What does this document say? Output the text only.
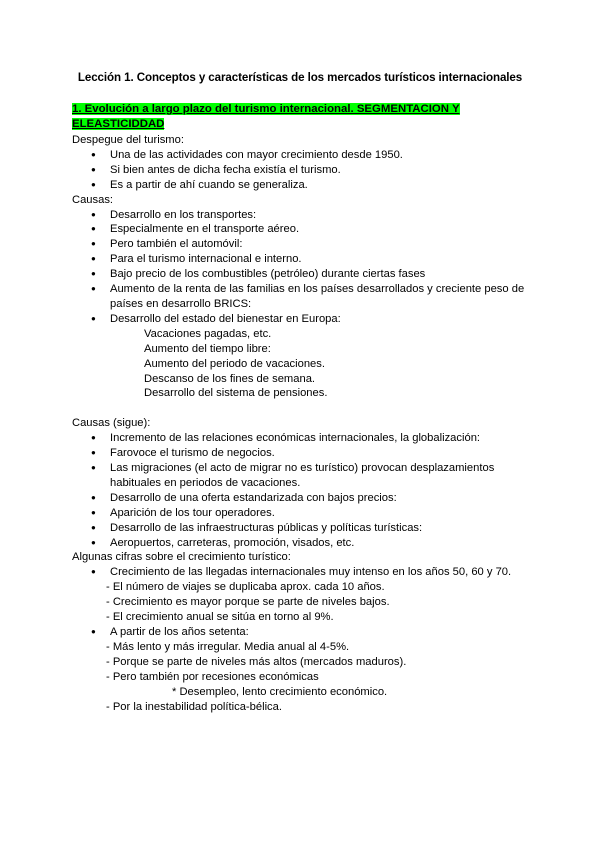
Lección 1. Conceptos y características de los mercados turísticos internacionales
1. Evolución a largo plazo del turismo internacional. SEGMENTACION Y ELEASTICIDDAD
Despegue del turismo:
● Una de las actividades con mayor crecimiento desde 1950.
● Si bien antes de dicha fecha existía el turismo.
● Es a partir de ahí cuando se generaliza.
Causas:
● Desarrollo en los transportes:
● Especialmente en el transporte aéreo.
● Pero también el automóvil:
● Para el turismo internacional e interno.
● Bajo precio de los combustibles (petróleo) durante ciertas fases
● Aumento de la renta de las familias en los países desarrollados y creciente peso de países en desarrollo BRICS:
● Desarrollo del estado del bienestar en Europa:
Vacaciones pagadas, etc.
Aumento del tiempo libre:
Aumento del periodo de vacaciones.
Descanso de los fines de semana.
Desarrollo del sistema de pensiones.
Causas (sigue):
● Incremento de las relaciones económicas internacionales, la globalización:
● Farovoce el turismo de negocios.
● Las migraciones (el acto de migrar no es turístico) provocan desplazamientos habituales en periodos de vacaciones.
● Desarrollo de una oferta estandarizada con bajos precios:
● Aparición de los tour operadores.
● Desarrollo de las infraestructuras públicas y políticas turísticas:
● Aeropuertos, carreteras, promoción, visados, etc.
Algunas cifras sobre el crecimiento turístico:
● Crecimiento de las llegadas internacionales muy intenso en los años 50, 60 y 70.
- El número de viajes se duplicaba aprox. cada 10 años.
- Crecimiento es mayor porque se parte de niveles bajos.
- El crecimiento anual se sitúa en torno al 9%.
● A partir de los años setenta:
- Más lento y más irregular. Media anual al 4-5%.
- Porque se parte de niveles más altos (mercados maduros).
- Pero también por recesiones económicas
* Desempleo, lento crecimiento económico.
- Por la inestabilidad política-bélica.
